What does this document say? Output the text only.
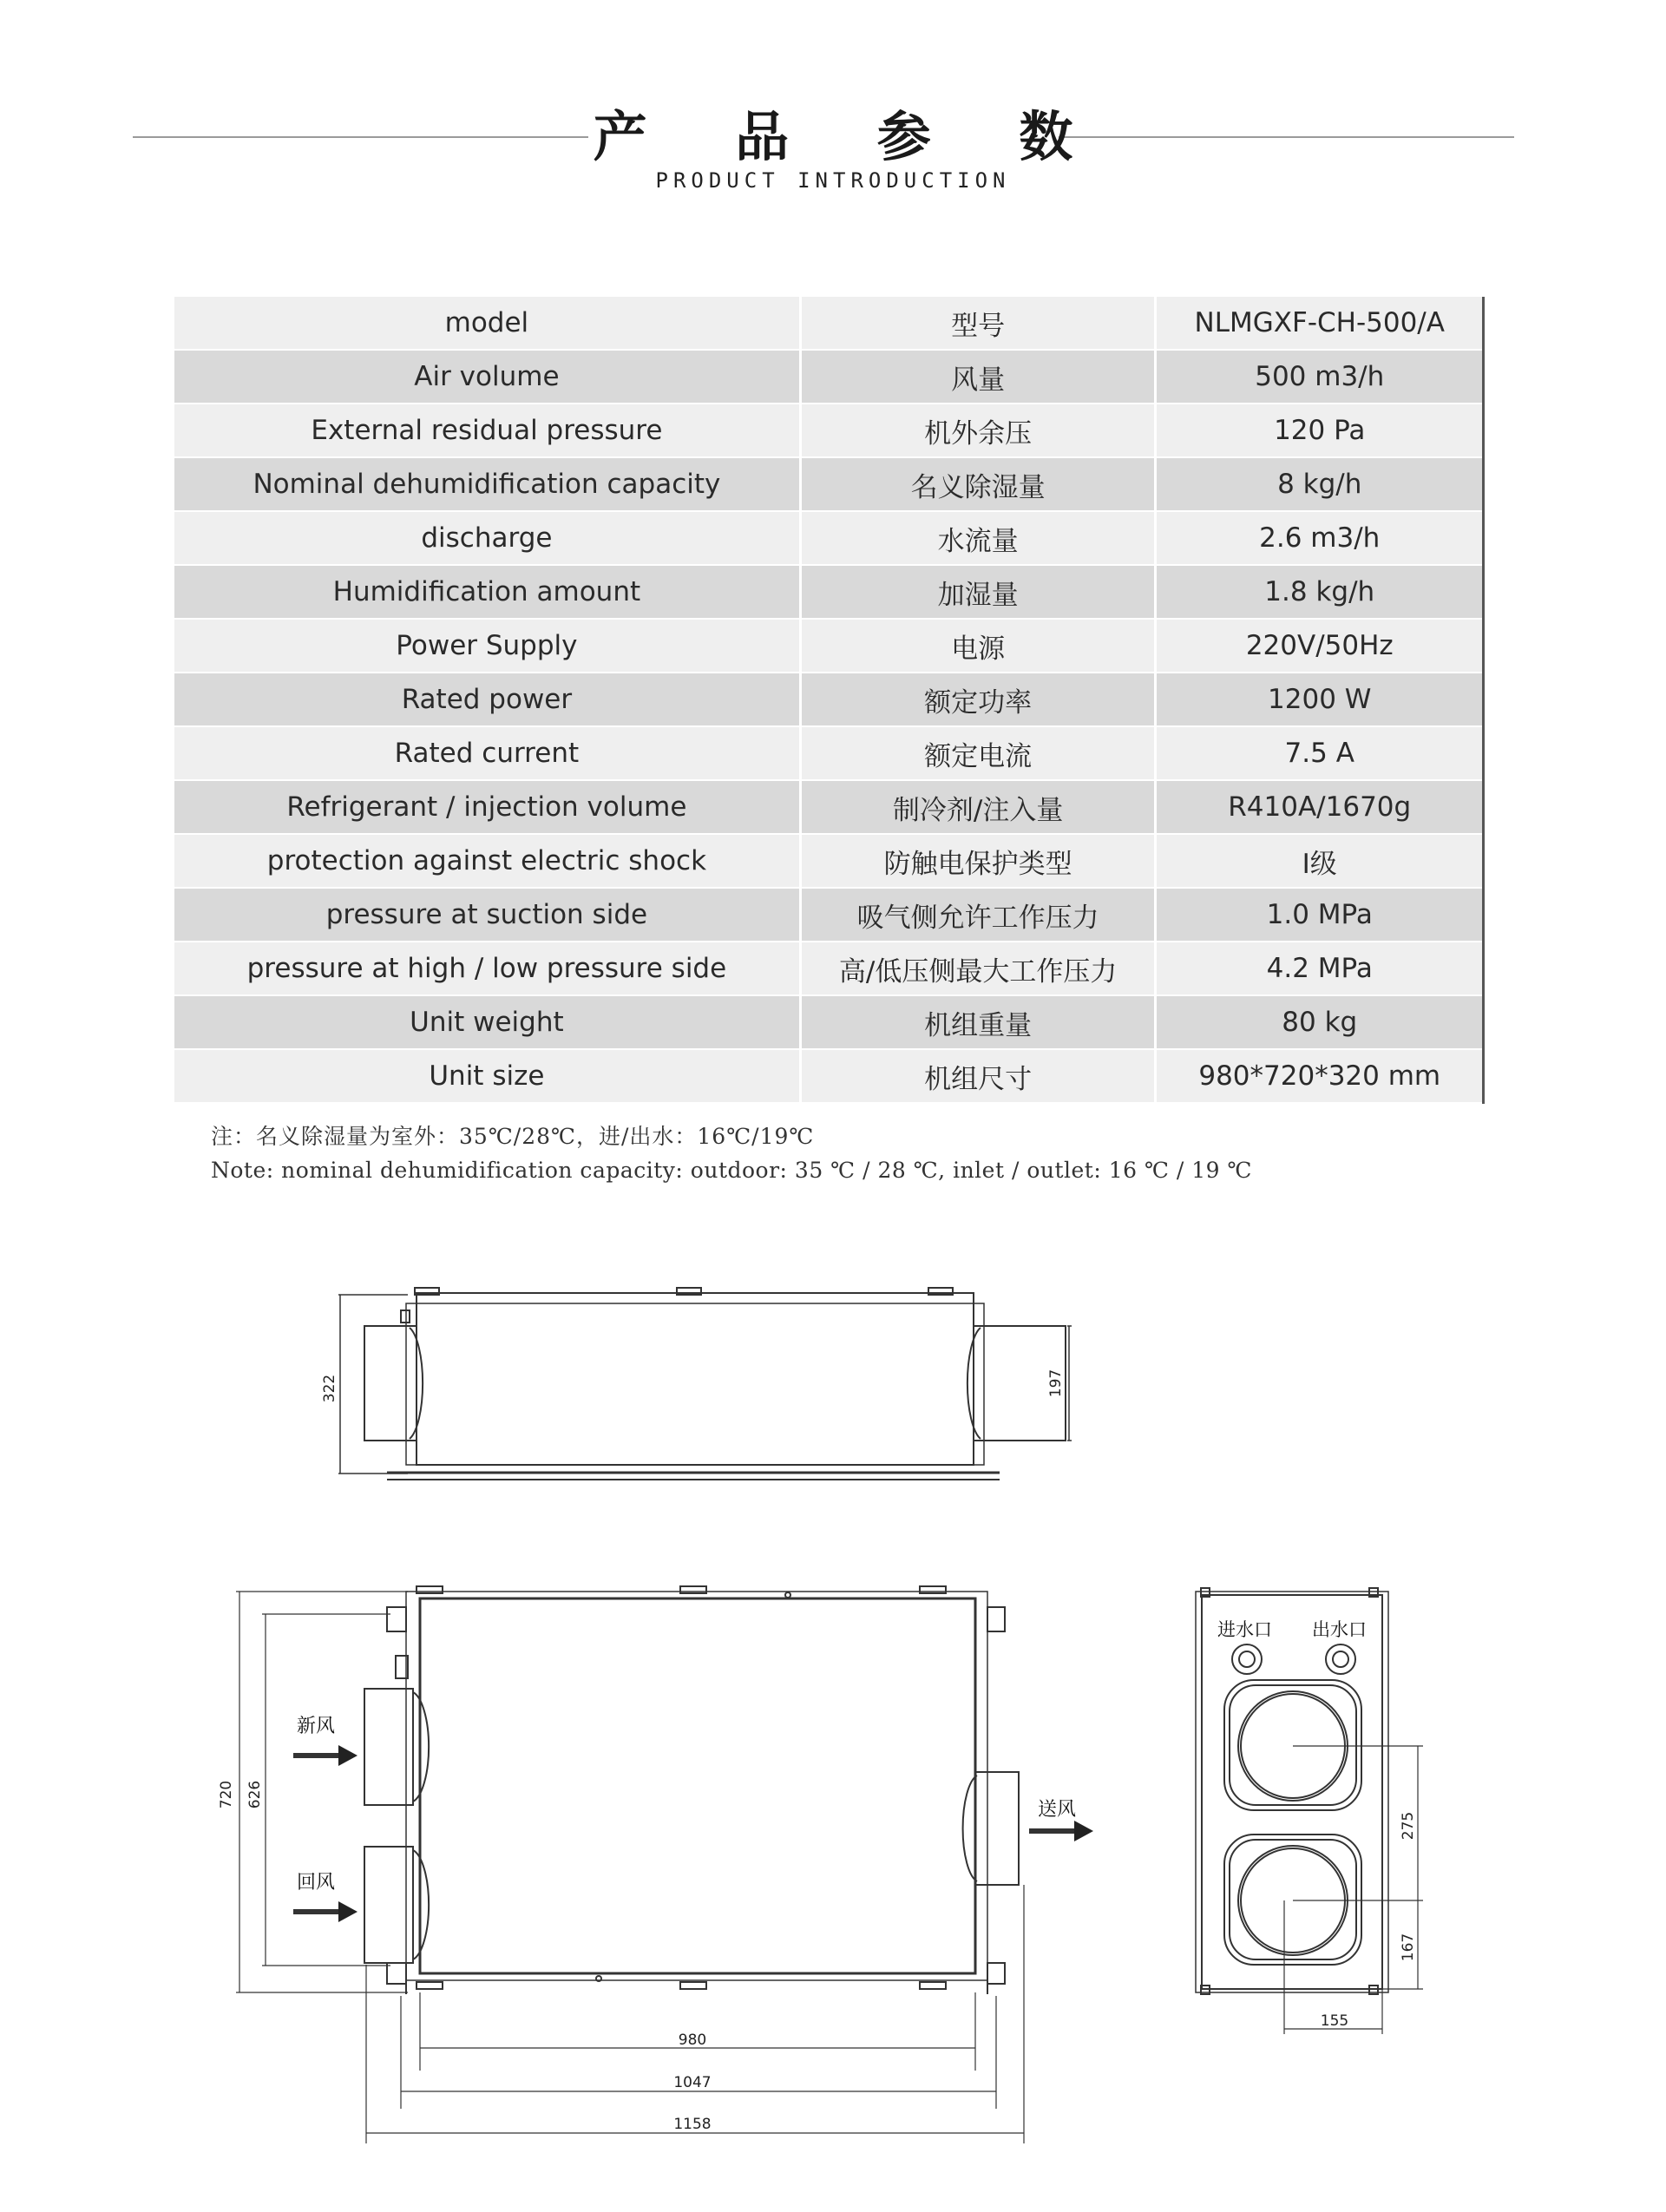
产 品 参 数
PRODUCT INTRODUCTION
model	型号	NLMGXF-CH-500/A
Air volume	风量	500 m3/h
External residual pressure	机外余压	120 Pa
Nominal dehumidification capacity	名义除湿量	8 kg/h
discharge	水流量	2.6 m3/h
Humidification amount	加湿量	1.8 kg/h
Power Supply	电源	220V/50Hz
Rated power	额定功率	1200 W
Rated current	额定电流	7.5 A
Refrigerant / injection volume	制冷剂/注入量	R410A/1670g
protection against electric shock	防触电保护类型	I级
pressure at suction side	吸气侧允许工作压力	1.0 MPa
pressure at high / low pressure side	高/低压侧最大工作压力	4.2 MPa
Unit weight	机组重量	80 kg
Unit size	机组尺寸	980*720*320 mm
注：名义除湿量为室外：35℃/28℃，进/出水：16℃/19℃
Note: nominal dehumidification capacity: outdoor: 35 ℃ / 28 ℃, inlet / outlet: 16 ℃ / 19 ℃
322	197
新风
回风
送风
720 626
980
1047
1158
进水口 出水口
275
167
155
